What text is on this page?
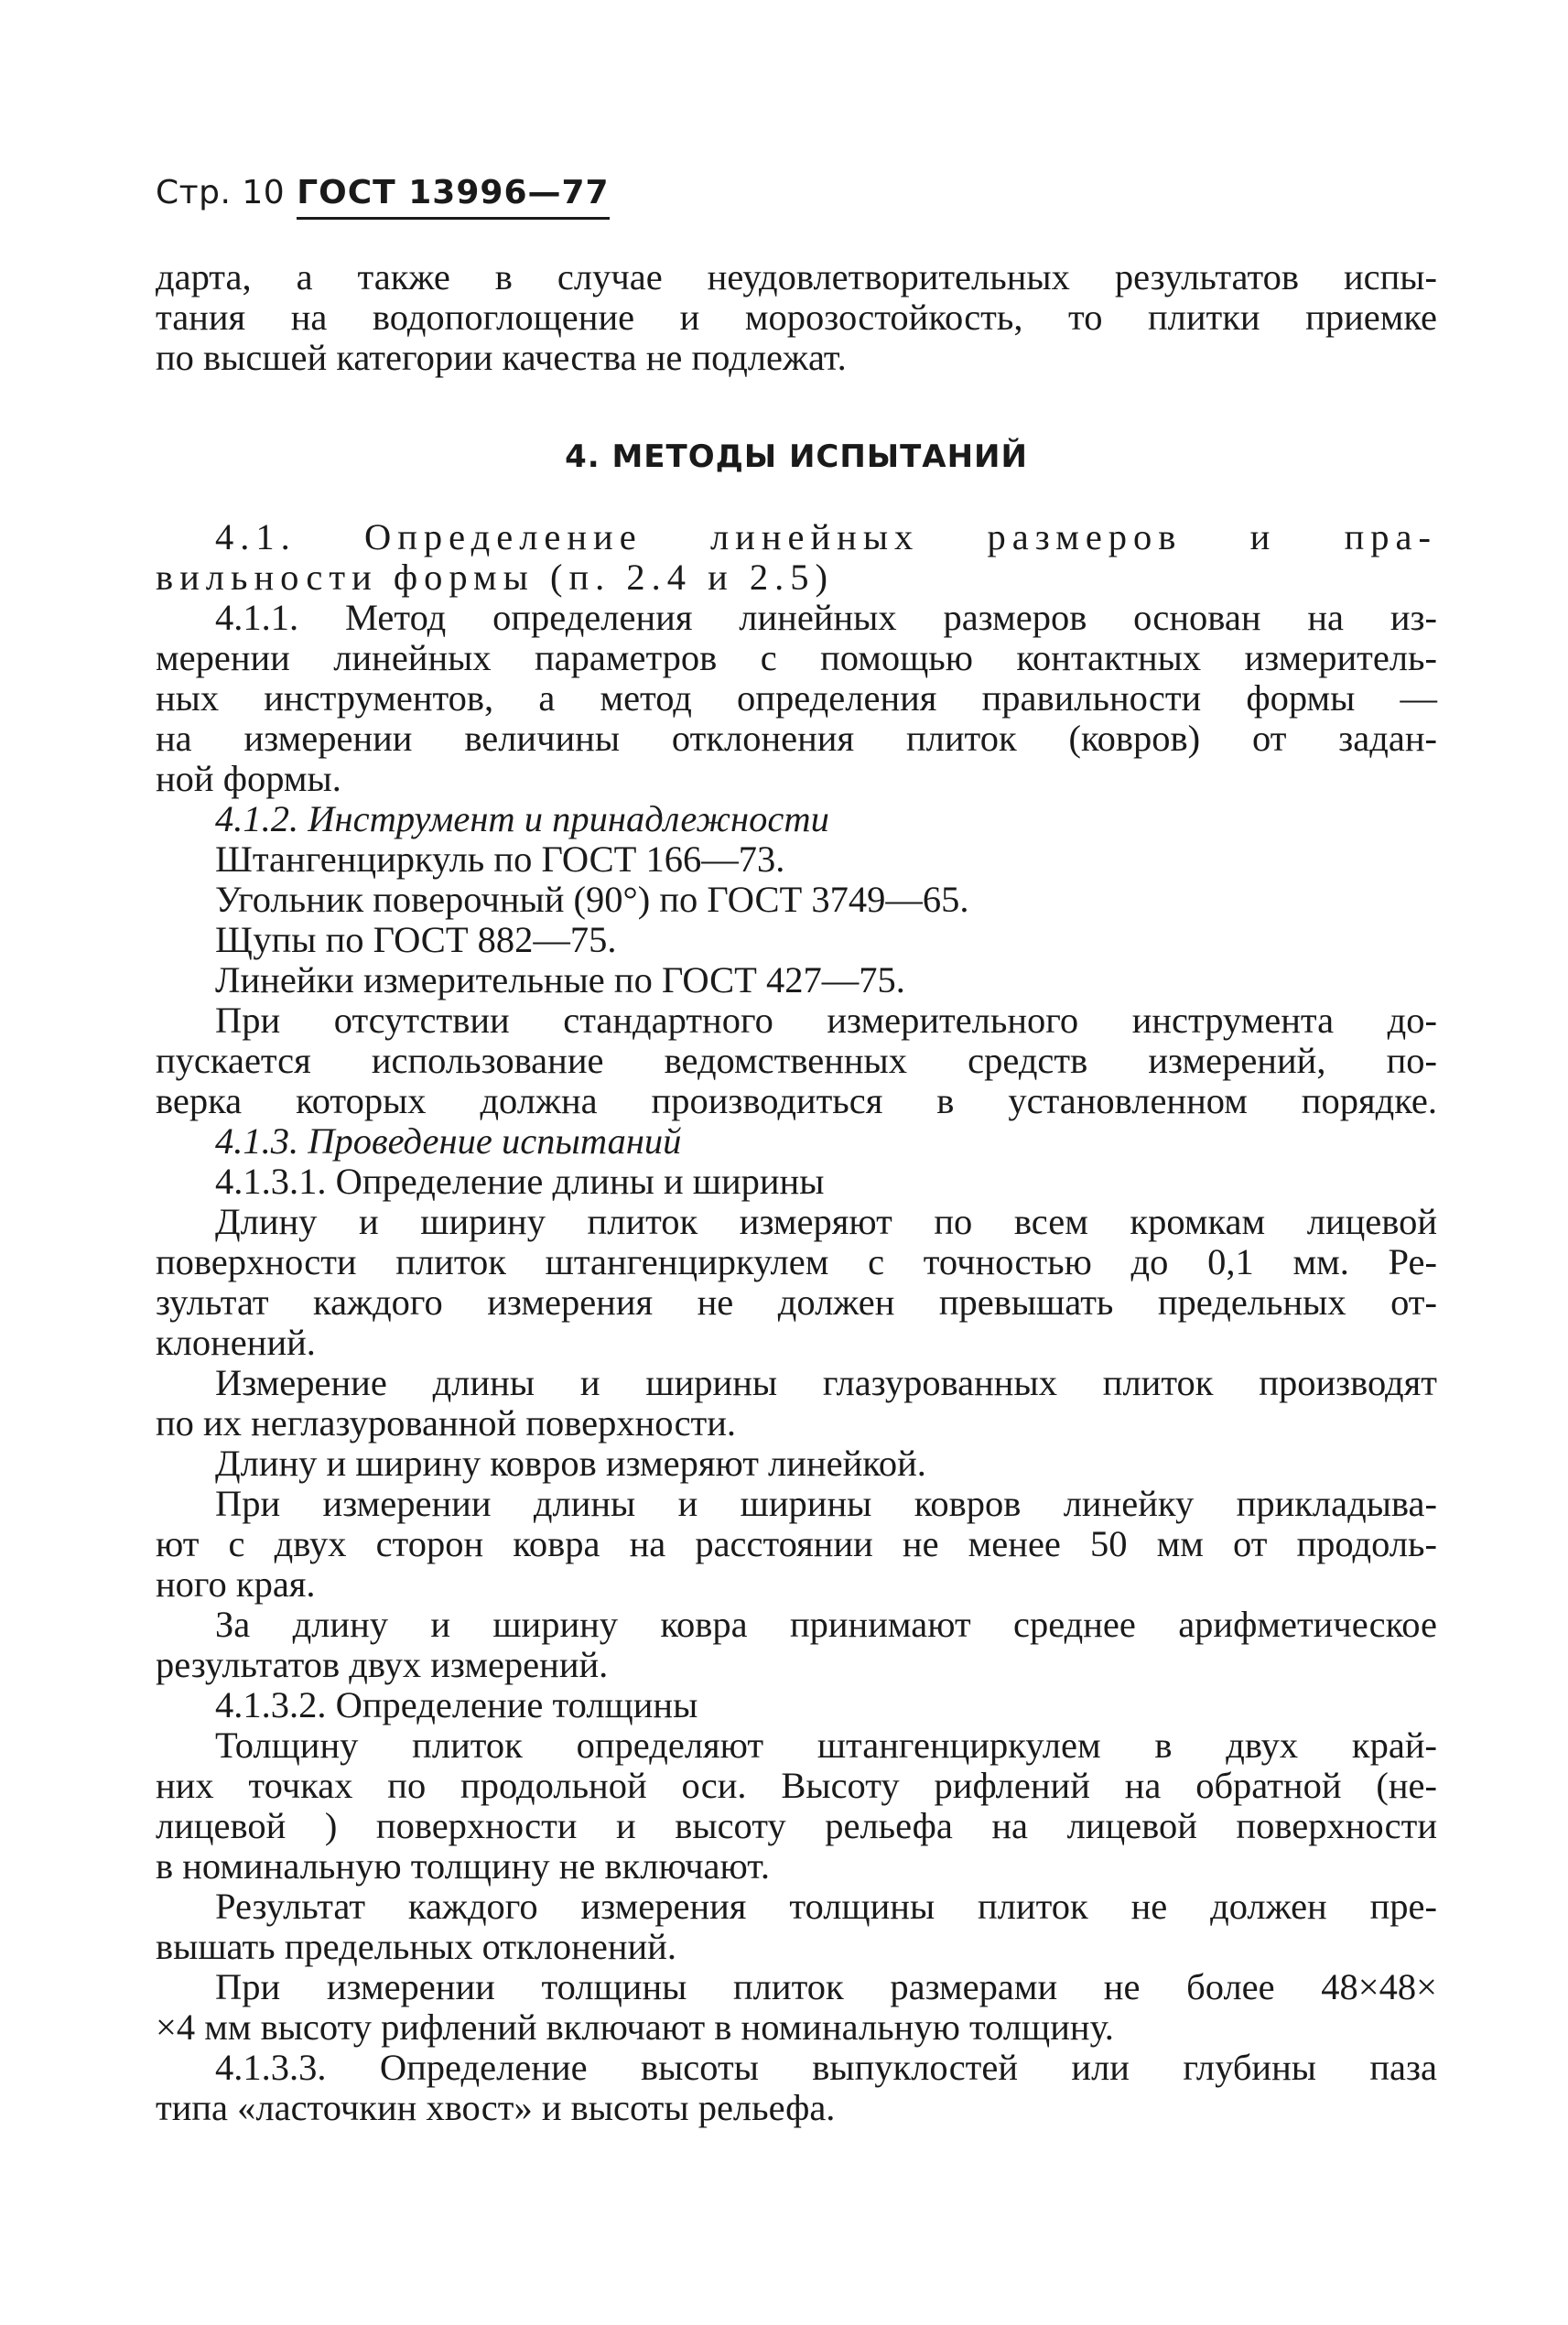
Стр. 10 ГОСТ 13996—77
дарта, а также в случае неудовлетворительных результатов испы-
тания на водопоглощение и морозостойкость, то плитки приемке
по высшей категории качества не подлежат.
4. МЕТОДЫ ИСПЫТАНИЙ
4.1. Определение линейных размеров и пра-
вильности формы (п. 2.4 и 2.5)
4.1.1. Метод определения линейных размеров основан на из-
мерении линейных параметров с помощью контактных измеритель-
ных инструментов, а метод определения правильности формы —
на измерении величины отклонения плиток (ковров) от задан-
ной формы.
4.1.2. Инструмент и принадлежности
Штангенциркуль по ГОСТ 166—73.
Угольник поверочный (90°) по ГОСТ 3749—65.
Щупы по ГОСТ 882—75.
Линейки измерительные по ГОСТ 427—75.
При отсутствии стандартного измерительного инструмента до-
пускается использование ведомственных средств измерений, по-
верка которых должна производиться в установленном порядке.
4.1.3. Проведение испытаний
4.1.3.1. Определение длины и ширины
Длину и ширину плиток измеряют по всем кромкам лицевой
поверхности плиток штангенциркулем с точностью до 0,1 мм. Ре-
зультат каждого измерения не должен превышать предельных от-
клонений.
Измерение длины и ширины глазурованных плиток производят
по их неглазурованной поверхности.
Длину и ширину ковров измеряют линейкой.
При измерении длины и ширины ковров линейку прикладыва-
ют с двух сторон ковра на расстоянии не менее 50 мм от продоль-
ного края.
За длину и ширину ковра принимают среднее арифметическое
результатов двух измерений.
4.1.3.2. Определение толщины
Толщину плиток определяют штангенциркулем в двух край-
них точках по продольной оси. Высоту рифлений на обратной (не-
лицевой ) поверхности и высоту рельефа на лицевой поверхности
в номинальную толщину не включают.
Результат каждого измерения толщины плиток не должен пре-
вышать предельных отклонений.
При измерении толщины плиток размерами не более 48×48×
×4 мм высоту рифлений включают в номинальную толщину.
4.1.3.3. Определение высоты выпуклостей или глубины паза
типа «ласточкин хвост» и высоты рельефа.
